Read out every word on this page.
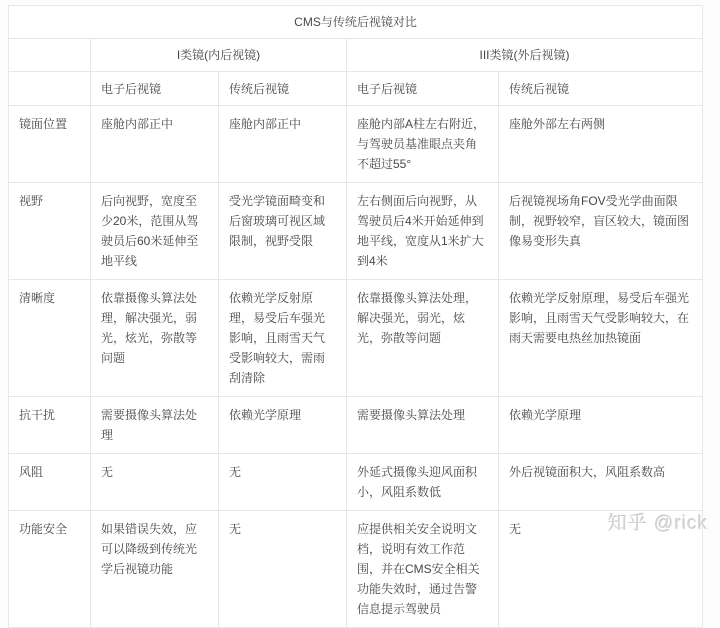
CMS与传统后视镜对比				
	I类镜(内后视镜)		III类镜(外后视镜)	
	电子后视镜	传统后视镜	电子后视镜	传统后视镜
镜面位置	座舱内部正中	座舱内部正中	座舱内部A柱左右附近，与驾驶员基准眼点夹角不超过55°	座舱外部左右两侧
视野	后向视野，宽度至少20米，范围从驾驶员后60米延伸至地平线	受光学镜面畸变和后窗玻璃可视区域限制，视野受限	左右侧面后向视野，从驾驶员后4米开始延伸到地平线，宽度从1米扩大到4米	后视镜视场角FOV受光学曲面限制，视野较窄，盲区较大，镜面图像易变形失真
清晰度	依靠摄像头算法处理，解决强光，弱光，炫光，弥散等问题	依赖光学反射原理，易受后车强光影响，且雨雪天气受影响较大，需雨刮清除	依靠摄像头算法处理，解决强光，弱光，炫光，弥散等问题	依赖光学反射原理，易受后车强光影响，且雨雪天气受影响较大，在雨天需要电热丝加热镜面
抗干扰	需要摄像头算法处理	依赖光学原理	需要摄像头算法处理	依赖光学原理
风阻	无	无	外延式摄像头迎风面积小，风阻系数低	外后视镜面积大，风阻系数高
功能安全	如果错误失效，应可以降级到传统光学后视镜功能	无	应提供相关安全说明文档，说明有效工作范围，并在CMS安全相关功能失效时，通过告警信息提示驾驶员	无	知乎 @rick
